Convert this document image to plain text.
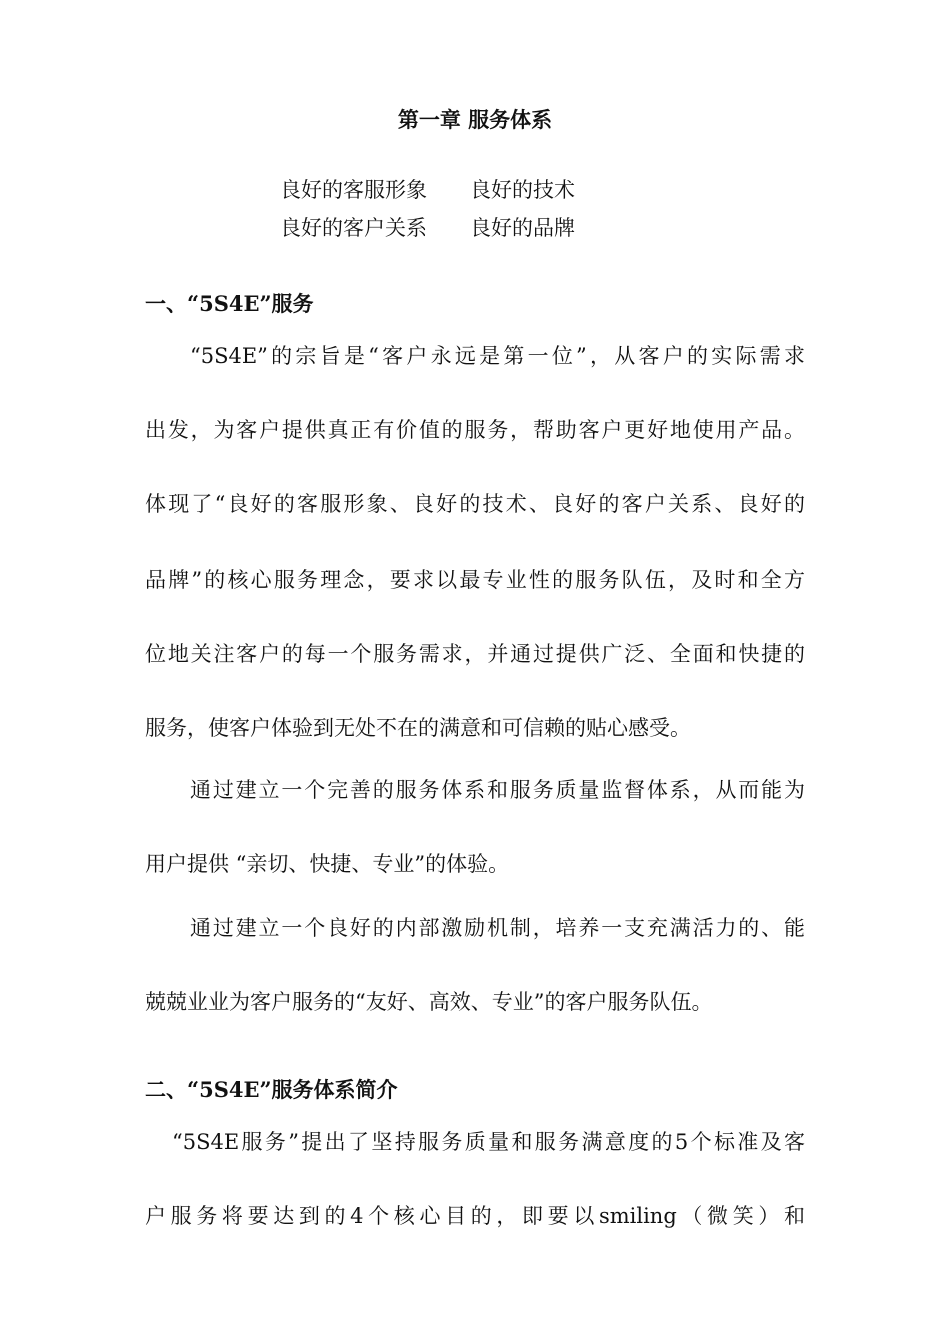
第一章 服务体系
良好的客服形象 良好的技术
良好的客户关系 良好的品牌
一、“5S4E”服务
“5S4E”的宗旨是“客户永远是第一位”，从客户的实际需求
出发，为客户提供真正有价值的服务，帮助客户更好地使用产品。
体现了“良好的客服形象、良好的技术、良好的客户关系、良好的
品牌”的核心服务理念，要求以最专业性的服务队伍，及时和全方
位地关注客户的每一个服务需求，并通过提供广泛、全面和快捷的
服务，使客户体验到无处不在的满意和可信赖的贴心感受。
通过建立一个完善的服务体系和服务质量监督体系，从而能为
用户提供 “亲切、快捷、专业”的体验。
通过建立一个良好的内部激励机制，培养一支充满活力的、能
兢兢业业为客户服务的“友好、高效、专业”的客户服务队伍。
二、“5S4E”服务体系简介
“5S4E服务”提出了坚持服务质量和服务满意度的5个标准及客
户服务将要达到的4个核心目的，即要以smiling（微笑）和
